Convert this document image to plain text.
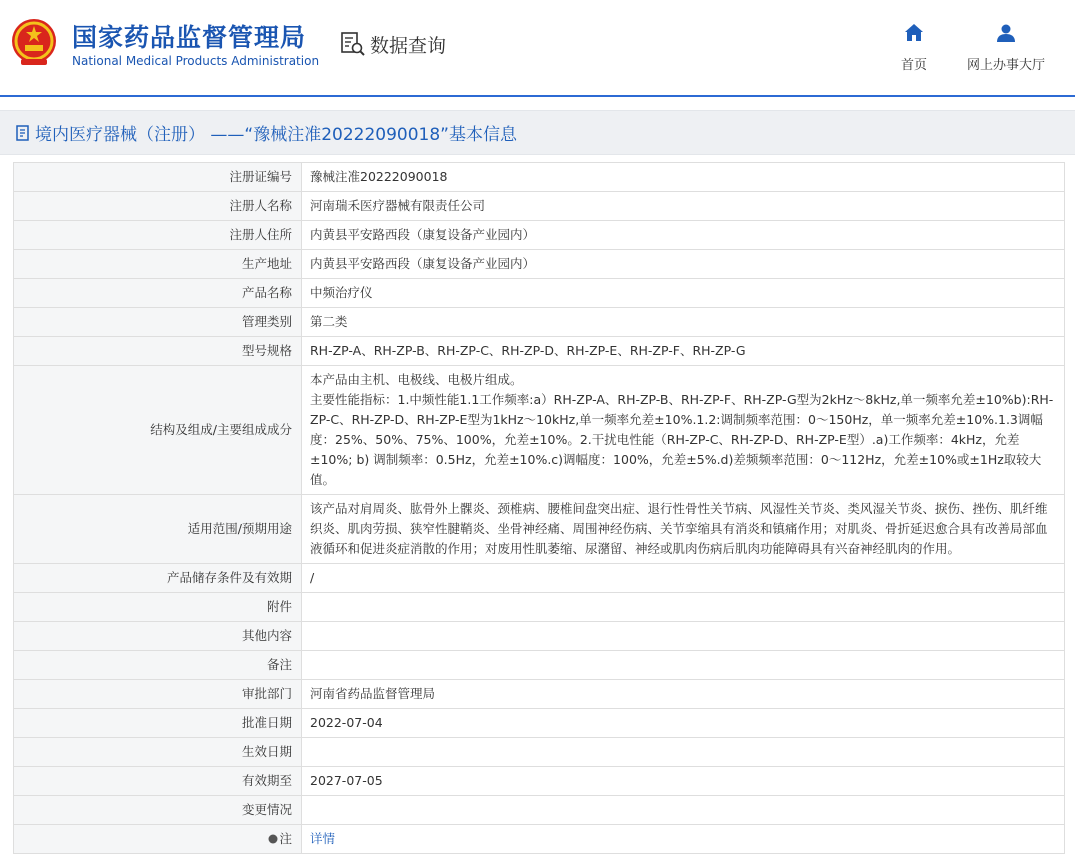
国家药品监督管理局
National Medical Products Administration
数据查询
首页	网上办事大厅
境内医疗器械（注册） ——“豫械注准20222090018”基本信息
注册证编号	豫械注准20222090018
注册人名称	河南瑞禾医疗器械有限责任公司
注册人住所	内黄县平安路西段（康复设备产业园内）
生产地址	内黄县平安路西段（康复设备产业园内）
产品名称	中频治疗仪
管理类别	第二类
型号规格	RH-ZP-A、RH-ZP-B、RH-ZP-C、RH-ZP-D、RH-ZP-E、RH-ZP-F、RH-ZP-G
结构及组成/主要组成成分	本产品由主机、电极线、电极片组成。
主要性能指标：1.中频性能1.1工作频率:a）RH-ZP-A、RH-ZP-B、RH-ZP-F、RH-ZP-G型为2kHz～8kHz,单一频率允差±10%b):RH-ZP-C、RH-ZP-D、RH-ZP-E型为1kHz～10kHz,单一频率允差±10%.1.2:调制频率范围：0～150Hz，单一频率允差±10%.1.3调幅度：25%、50%、75%、100%，允差±10%。2.干扰电性能（RH-ZP-C、RH-ZP-D、RH-ZP-E型）.a)工作频率：4kHz，允差±10%; b) 调制频率：0.5Hz，允差±10%.c)调幅度：100%，允差±5%.d)差频频率范围：0～112Hz，允差±10%或±1Hz取较大值。
适用范围/预期用途	该产品对肩周炎、肱骨外上髁炎、颈椎病、腰椎间盘突出症、退行性骨性关节病、风湿性关节炎、类风湿关节炎、捩伤、挫伤、肌纤维织炎、肌肉劳损、狭窄性腱鞘炎、坐骨神经痛、周围神经伤病、关节挛缩具有消炎和镇痛作用；对肌炎、骨折延迟愈合具有改善局部血液循环和促进炎症消散的作用；对废用性肌萎缩、尿潴留、神经或肌肉伤病后肌肉功能障碍具有兴奋神经肌肉的作用。
产品储存条件及有效期	/
附件	
其他内容	
备注	
审批部门	河南省药品监督管理局
批准日期	2022-07-04
生效日期	
有效期至	2027-07-05
变更情况	
注	详情
